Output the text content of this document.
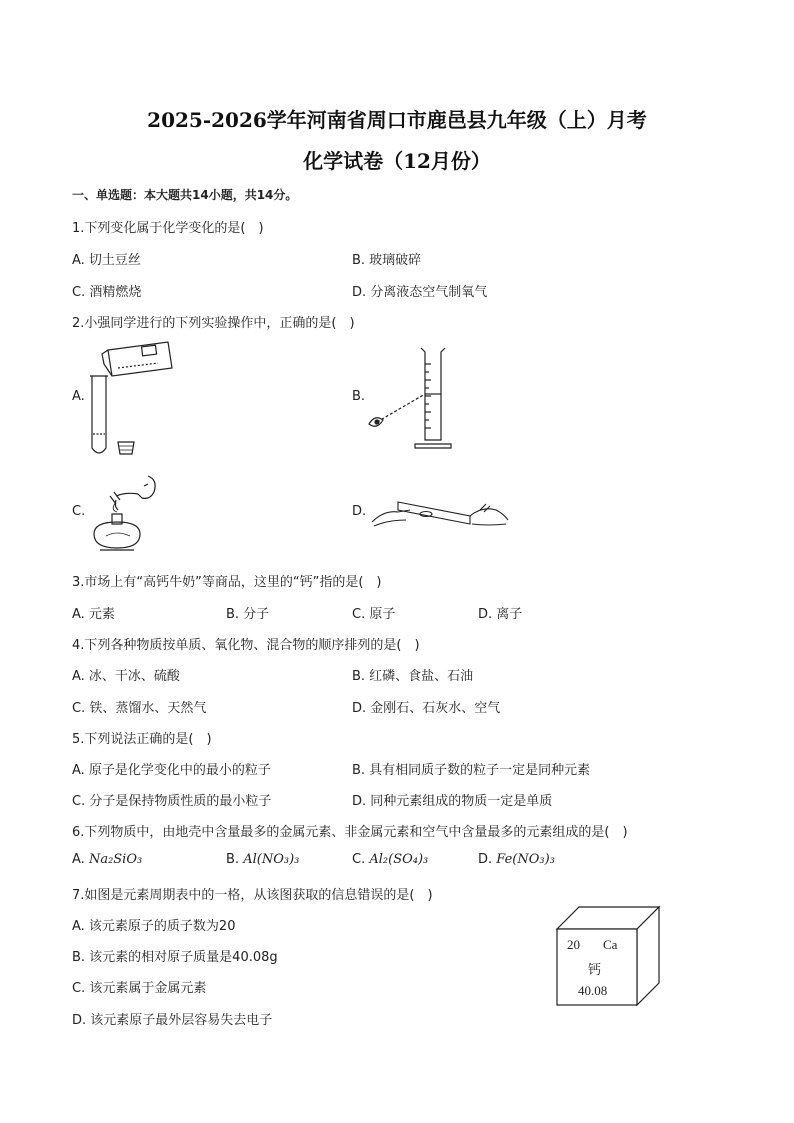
2025-2026学年河南省周口市鹿邑县九年级（上）月考
化学试卷（12月份）
一、单选题：本大题共14小题，共14分。
1.下列变化属于化学变化的是(　)
A. 切土豆丝	B. 玻璃破碎
C. 酒精燃烧	D. 分离液态空气制氧气
2.小强同学进行的下列实验操作中，正确的是(　)
A.	B.
C.	D.
3.市场上有“高钙牛奶”等商品，这里的“钙”指的是(　)
A. 元素	B. 分子	C. 原子	D. 离子
4.下列各种物质按单质、氧化物、混合物的顺序排列的是(　)
A. 冰、干冰、硫酸	B. 红磷、食盐、石油
C. 铁、蒸馏水、天然气	D. 金刚石、石灰水、空气
5.下列说法正确的是(　)
A. 原子是化学变化中的最小的粒子	B. 具有相同质子数的粒子一定是同种元素
C. 分子是保持物质性质的最小粒子	D. 同种元素组成的物质一定是单质
6.下列物质中，由地壳中含量最多的金属元素、非金属元素和空气中含量最多的元素组成的是(　)
A. Na₂SiO₃	B. Al(NO₃)₃	C. Al₂(SO₄)₃	D. Fe(NO₃)₃
7.如图是元素周期表中的一格，从该图获取的信息错误的是(　)
A. 该元素原子的质子数为20
B. 该元素的相对原子质量是40.08g
C. 该元素属于金属元素
D. 该元素原子最外层容易失去电子
20 Ca
钙
40.08
